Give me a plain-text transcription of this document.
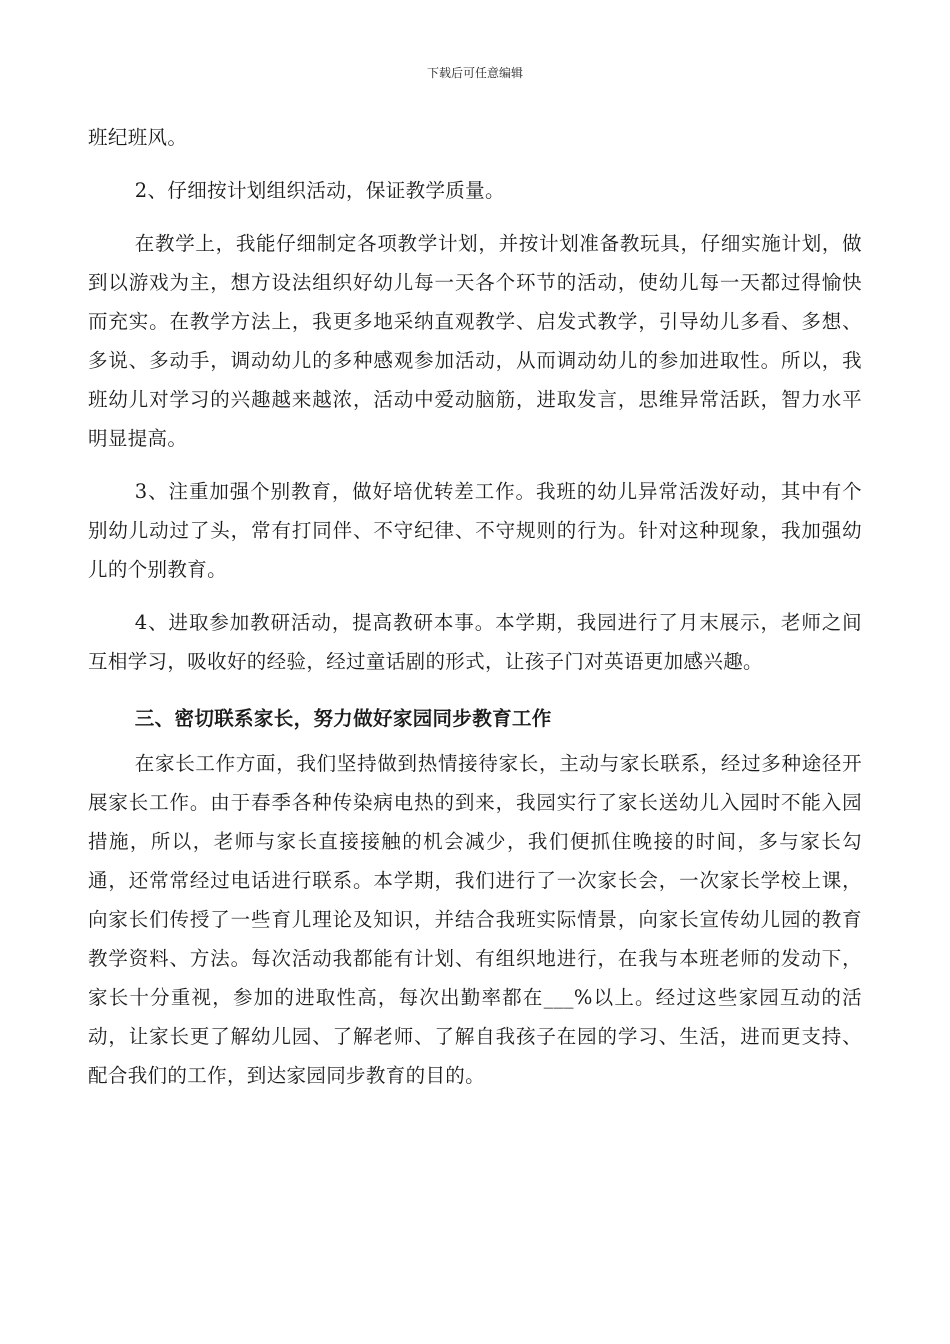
下载后可任意编辑

班纪班风。

2、仔细按计划组织活动，保证教学质量。

在教学上，我能仔细制定各项教学计划，并按计划准备教玩具，仔细实施计划，做到以游戏为主，想方设法组织好幼儿每一天各个环节的活动，使幼儿每一天都过得愉快而充实。在教学方法上，我更多地采纳直观教学、启发式教学，引导幼儿多看、多想、多说、多动手，调动幼儿的多种感观参加活动，从而调动幼儿的参加进取性。所以，我班幼儿对学习的兴趣越来越浓，活动中爱动脑筋，进取发言，思维异常活跃，智力水平明显提高。

3、注重加强个别教育，做好培优转差工作。我班的幼儿异常活泼好动，其中有个别幼儿动过了头，常有打同伴、不守纪律、不守规则的行为。针对这种现象，我加强幼儿的个别教育。

4、进取参加教研活动，提高教研本事。本学期，我园进行了月末展示，老师之间互相学习，吸收好的经验，经过童话剧的形式，让孩子门对英语更加感兴趣。

三、密切联系家长，努力做好家园同步教育工作

在家长工作方面，我们坚持做到热情接待家长，主动与家长联系，经过多种途径开展家长工作。由于春季各种传染病电热的到来，我园实行了家长送幼儿入园时不能入园措施，所以，老师与家长直接接触的机会减少，我们便抓住晚接的时间，多与家长勾通，还常常经过电话进行联系。本学期，我们进行了一次家长会，一次家长学校上课，向家长们传授了一些育儿理论及知识，并结合我班实际情景，向家长宣传幼儿园的教育教学资料、方法。每次活动我都能有计划、有组织地进行，在我与本班老师的发动下，家长十分重视，参加的进取性高，每次出勤率都在___%以上。经过这些家园互动的活动，让家长更了解幼儿园、了解老师、了解自我孩子在园的学习、生活，进而更支持、配合我们的工作，到达家园同步教育的目的。
